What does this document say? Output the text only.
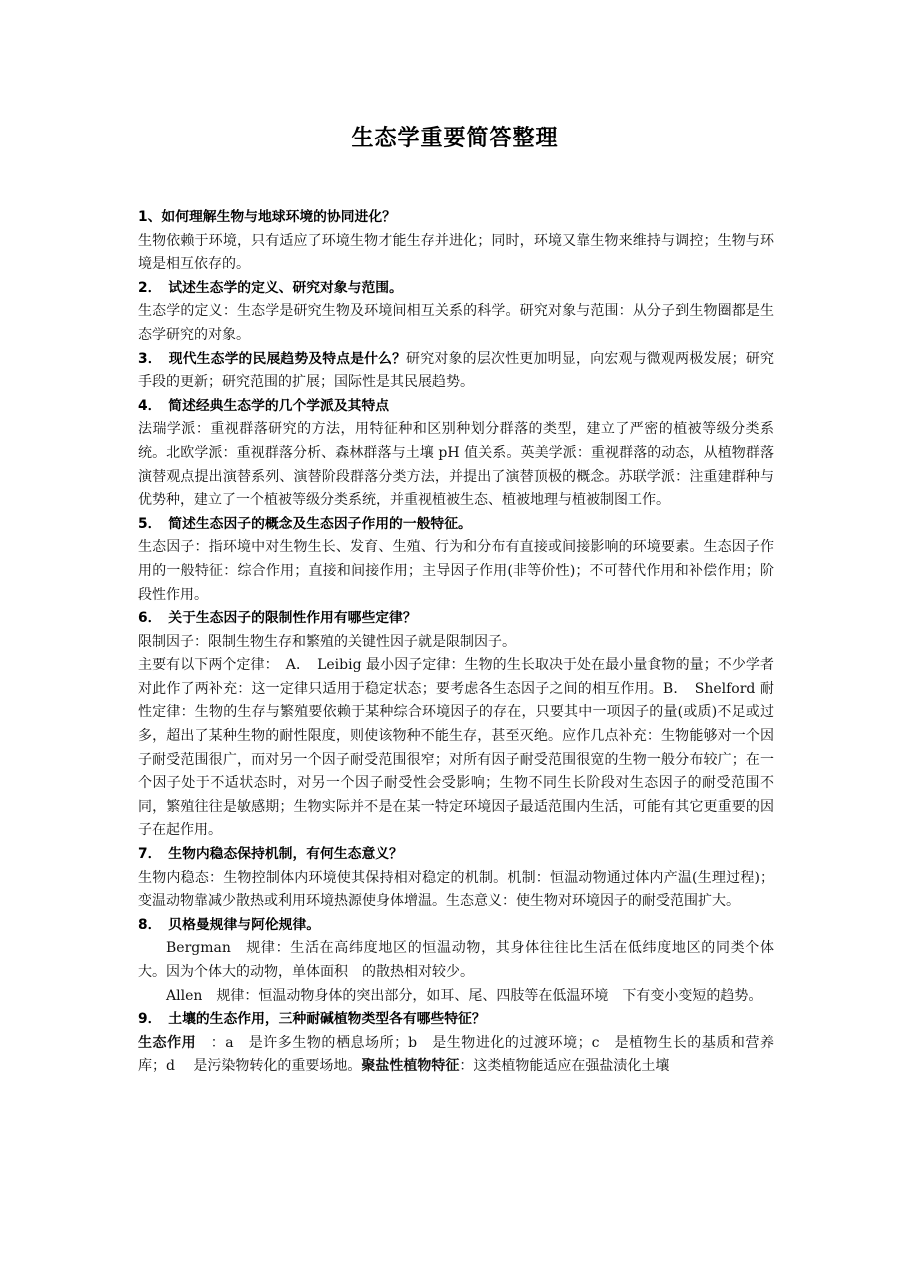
生态学重要简答整理

1、如何理解生物与地球环境的协同进化？

生物依赖于环境，只有适应了环境生物才能生存并进化；同时，环境又靠生物来维持与调控；生物与环境是相互依存的。

2．　试述生态学的定义、研究对象与范围。

生态学的定义：生态学是研究生物及环境间相互关系的科学。研究对象与范围：从分子到生物圈都是生态学研究的对象。

3．　现代生态学的民展趋势及特点是什么？研究对象的层次性更加明显，向宏观与微观两极发展；研究手段的更新；研究范围的扩展；国际性是其民展趋势。

4．　简述经典生态学的几个学派及其特点

法瑞学派：重视群落研究的方法，用特征种和区别种划分群落的类型，建立了严密的植被等级分类系统。北欧学派：重视群落分析、森林群落与土壤 pH 值关系。英美学派：重视群落的动态，从植物群落演替观点提出演替系列、演替阶段群落分类方法，并提出了演替顶极的概念。苏联学派：注重建群种与优势种，建立了一个植被等级分类系统，并重视植被生态、植被地理与植被制图工作。

5．　简述生态因子的概念及生态因子作用的一般特征。

生态因子：指环境中对生物生长、发育、生殖、行为和分布有直接或间接影响的环境要素。生态因子作用的一般特征：综合作用；直接和间接作用；主导因子作用(非等价性)；不可替代作用和补偿作用；阶段性作用。

6．　关于生态因子的限制性作用有哪些定律？

限制因子：限制生物生存和繁殖的关键性因子就是限制因子。

主要有以下两个定律：　A．　Leibig 最小因子定律：生物的生长取决于处在最小量食物的量；不少学者对此作了两补充：这一定律只适用于稳定状态；要考虑各生态因子之间的相互作用。B．　Shelford 耐性定律：生物的生存与繁殖要依赖于某种综合环境因子的存在，只要其中一项因子的量(或质)不足或过多，超出了某种生物的耐性限度，则使该物种不能生存，甚至灭绝。应作几点补充：生物能够对一个因子耐受范围很广，而对另一个因子耐受范围很窄；对所有因子耐受范围很宽的生物一般分布较广；在一个因子处于不适状态时，对另一个因子耐受性会受影响；生物不同生长阶段对生态因子的耐受范围不同，繁殖往往是敏感期；生物实际并不是在某一特定环境因子最适范围内生活，可能有其它更重要的因子在起作用。

7．　生物内稳态保持机制，有何生态意义？

生物内稳态：生物控制体内环境使其保持相对稳定的机制。机制：恒温动物通过体内产温(生理过程)；变温动物靠减少散热或利用环境热源使身体增温。生态意义：使生物对环境因子的耐受范围扩大。

8．　贝格曼规律与阿伦规律。

Bergman　规律：生活在高纬度地区的恒温动物，其身体往往比生活在低纬度地区的同类个体大。因为个体大的动物，单体面积　的散热相对较少。

Allen　规律：恒温动物身体的突出部分，如耳、尾、四肢等在低温环境　下有变小变短的趋势。

9．　土壤的生态作用，三种耐碱植物类型各有哪些特征？

生态作用　：a　是许多生物的栖息场所；b　是生物进化的过渡环境；c　是植物生长的基质和营养库；d　 是污染物转化的重要场地。聚盐性植物特征：这类植物能适应在强盐渍化土壤
